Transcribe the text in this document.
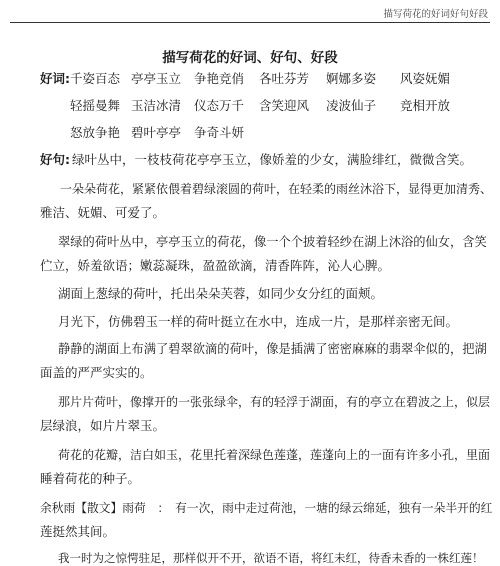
描写荷花的好词好句好段
描写荷花的好词、好句、好段
好词: 千姿百态 亭亭玉立 争艳竞俏 各吐芬芳 婀娜多姿 风姿妩媚
轻摇曼舞 玉洁冰清 仪态万千 含笑迎风 凌波仙子 竞相开放
怒放争艳 碧叶亭亭 争奇斗妍
好句: 绿叶丛中，一枝枝荷花亭亭玉立，像娇羞的少女，满脸绯红，微微含笑。
一朵朵荷花，紧紧依偎着碧绿滚圆的荷叶，在轻柔的雨丝沐浴下，显得更加清秀、
雅洁、妩媚、可爱了。
翠绿的荷叶丛中，亭亭玉立的荷花，像一个个披着轻纱在湖上沐浴的仙女，含笑
伫立，娇羞欲语；嫩蕊凝珠，盈盈欲滴，清香阵阵，沁人心脾。
湖面上葱绿的荷叶，托出朵朵芙蓉，如同少女分红的面颊。
月光下，仿佛碧玉一样的荷叶挺立在水中，连成一片，是那样亲密无间。
静静的湖面上布满了碧翠欲滴的荷叶，像是插满了密密麻麻的翡翠伞似的，把湖
面盖的严严实实的。
那片片荷叶，像撑开的一张张绿伞，有的轻浮于湖面，有的亭立在碧波之上，似层
层绿浪，如片片翠玉。
荷花的花瓣，洁白如玉，花里托着深绿色莲蓬，莲蓬向上的一面有许多小孔，里面
睡着荷花的种子。
余秋雨【散文】雨荷　：　有一次，雨中走过荷池，一塘的绿云绵延，独有一朵半开的红
莲挺然其间。
我一时为之惊愕驻足，那样似开不开，欲语不语，将红未红，待香未香的一株红莲！
